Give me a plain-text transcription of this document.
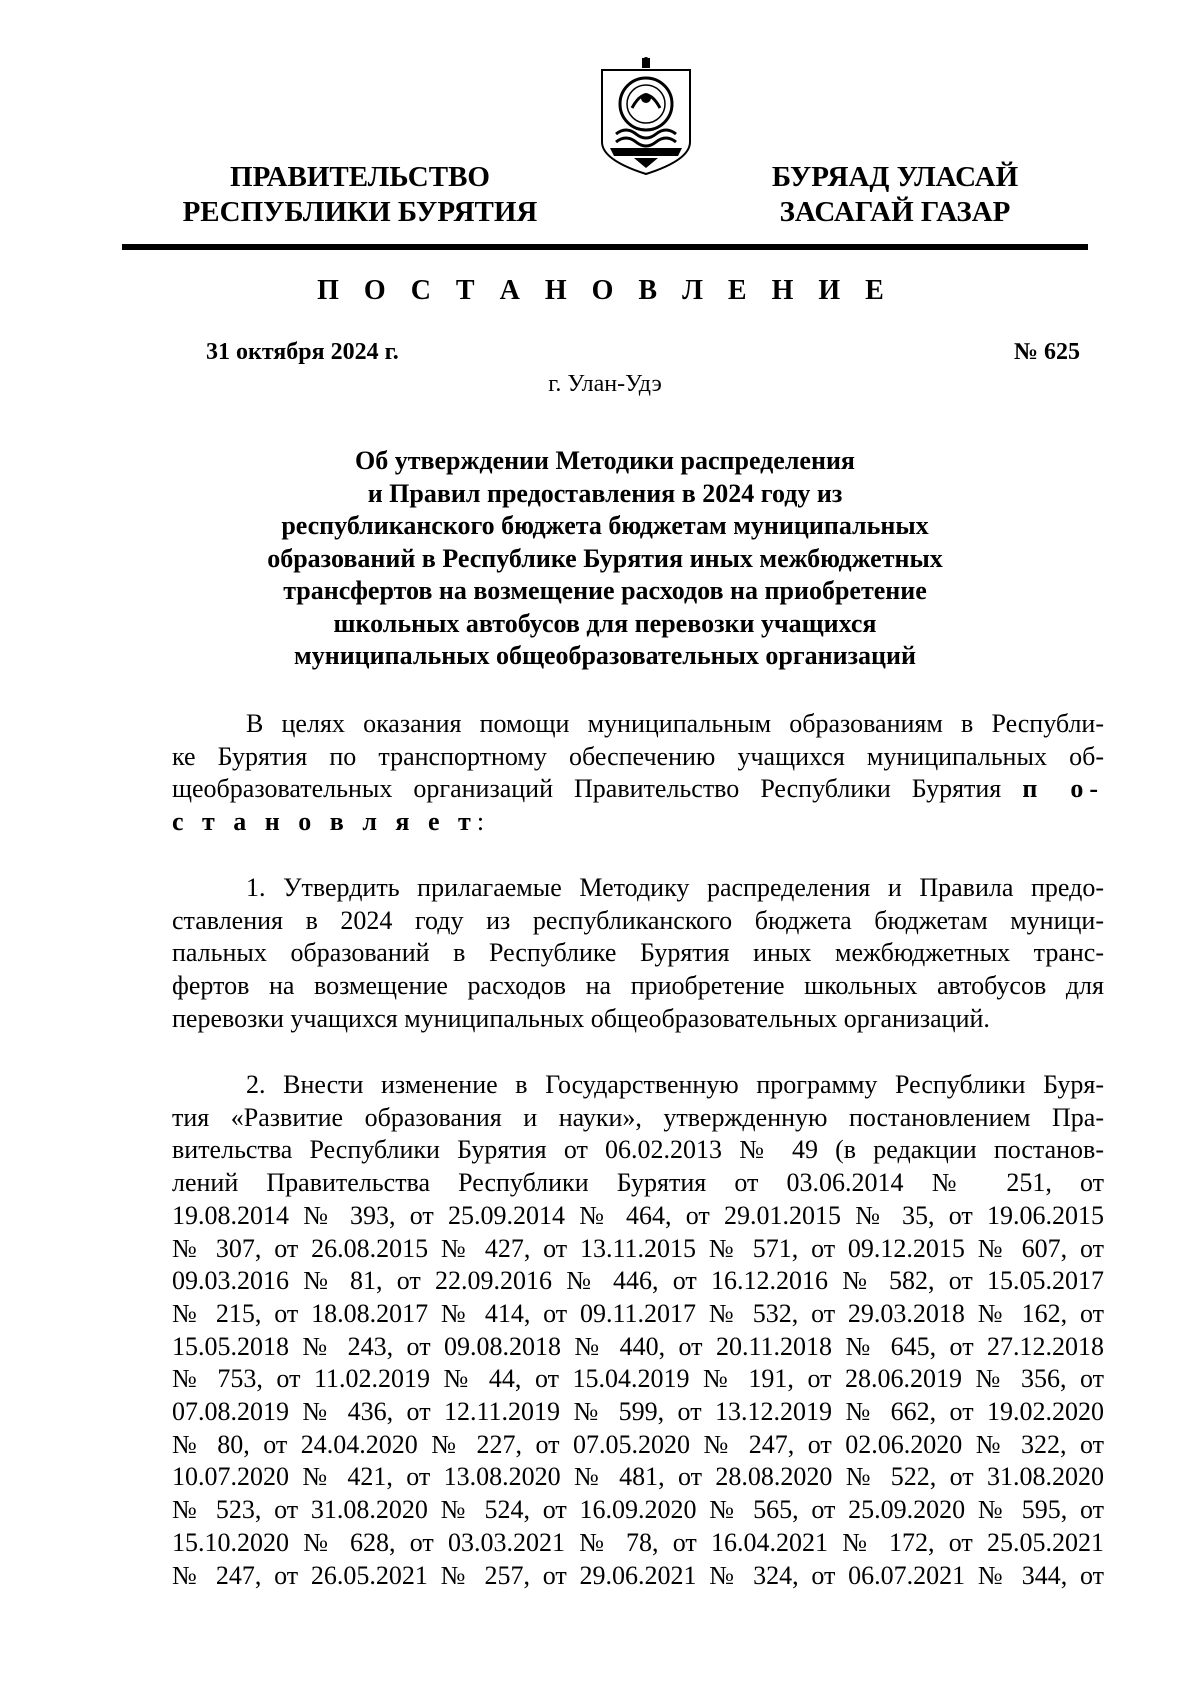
ПРАВИТЕЛЬСТВО
РЕСПУБЛИКИ БУРЯТИЯ
БУРЯАД УЛАСАЙ
ЗАСАГАЙ ГАЗАР
П О С Т А Н О В Л Е Н И Е
31 октября 2024 г.	№ 625
г. Улан-Удэ
Об утверждении Методики распределения
и Правил предоставления в 2024 году из
республиканского бюджета бюджетам муниципальных
образований в Республике Бурятия иных межбюджетных
трансфертов на возмещение расходов на приобретение
школьных автобусов для перевозки учащихся
муниципальных общеобразовательных организаций
В целях оказания помощи муниципальным образованиям в Республи-
ке Бурятия по транспортному обеспечению учащихся муниципальных об-
щеобразовательных организаций Правительство Республики Бурятия п о-
с т а н о в л я е т:
1. Утвердить прилагаемые Методику распределения и Правила предо-
ставления в 2024 году из республиканского бюджета бюджетам муници-
пальных образований в Республике Бурятия иных межбюджетных транс-
фертов на возмещение расходов на приобретение школьных автобусов для
перевозки учащихся муниципальных общеобразовательных организаций.
2. Внести изменение в Государственную программу Республики Буря-
тия «Развитие образования и науки», утвержденную постановлением Пра-
вительства Республики Бурятия от 06.02.2013 № 49 (в редакции постанов-
лений Правительства Республики Бурятия от 03.06.2014 № 251, от
19.08.2014 № 393, от 25.09.2014 № 464, от 29.01.2015 № 35, от 19.06.2015
№ 307, от 26.08.2015 № 427, от 13.11.2015 № 571, от 09.12.2015 № 607, от
09.03.2016 № 81, от 22.09.2016 № 446, от 16.12.2016 № 582, от 15.05.2017
№ 215, от 18.08.2017 № 414, от 09.11.2017 № 532, от 29.03.2018 № 162, от
15.05.2018 № 243, от 09.08.2018 № 440, от 20.11.2018 № 645, от 27.12.2018
№ 753, от 11.02.2019 № 44, от 15.04.2019 № 191, от 28.06.2019 № 356, от
07.08.2019 № 436, от 12.11.2019 № 599, от 13.12.2019 № 662, от 19.02.2020
№ 80, от 24.04.2020 № 227, от 07.05.2020 № 247, от 02.06.2020 № 322, от
10.07.2020 № 421, от 13.08.2020 № 481, от 28.08.2020 № 522, от 31.08.2020
№ 523, от 31.08.2020 № 524, от 16.09.2020 № 565, от 25.09.2020 № 595, от
15.10.2020 № 628, от 03.03.2021 № 78, от 16.04.2021 № 172, от 25.05.2021
№ 247, от 26.05.2021 № 257, от 29.06.2021 № 324, от 06.07.2021 № 344, от
